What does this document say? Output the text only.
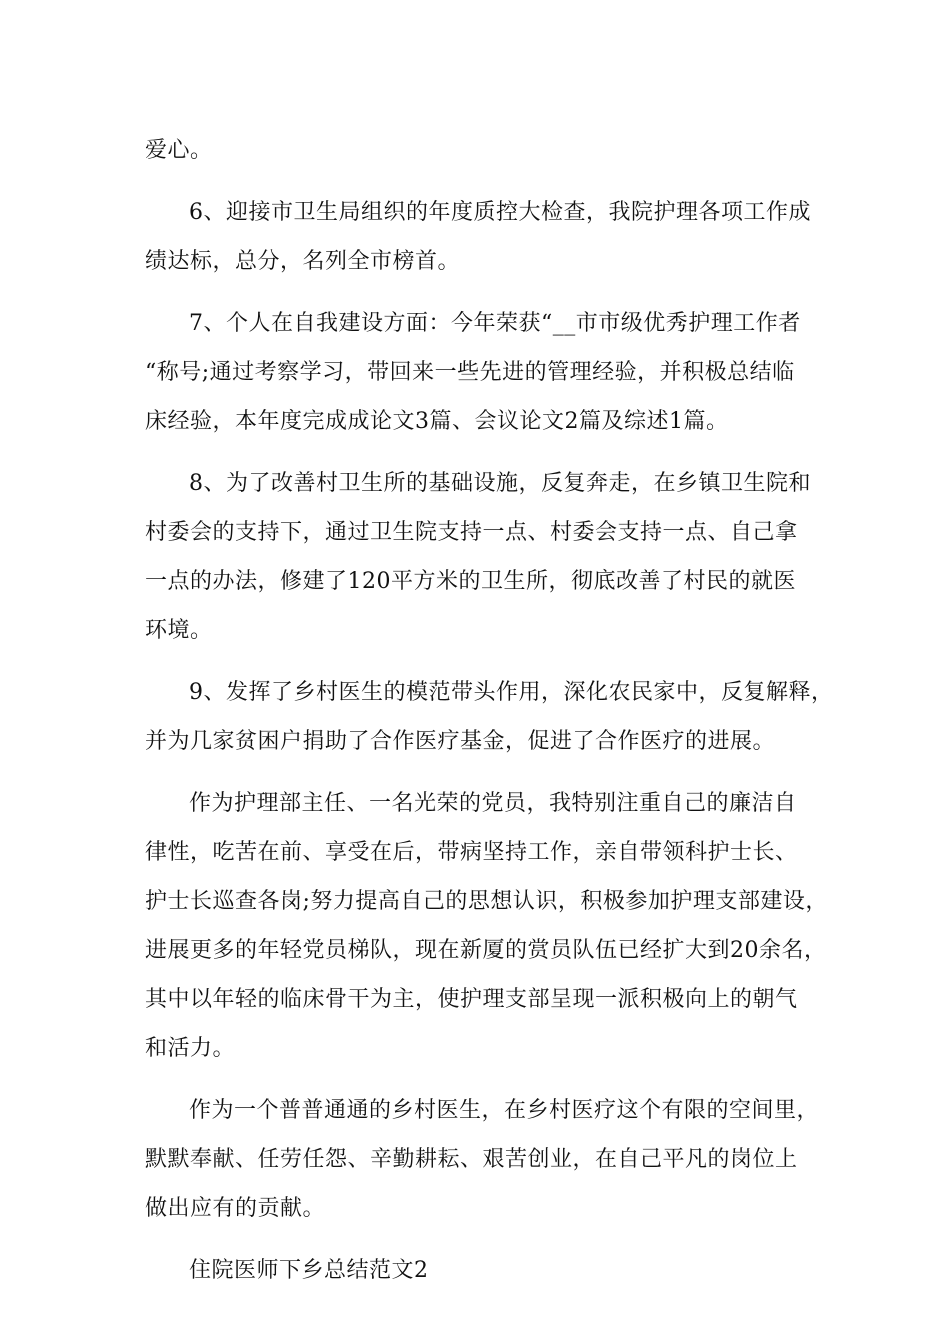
爱心。
6、迎接市卫生局组织的年度质控大检查，我院护理各项工作成
绩达标，总分，名列全市榜首。
7、个人在自我建设方面：今年荣获“__市市级优秀护理工作者
“称号;通过考察学习，带回来一些先进的管理经验，并积极总结临
床经验，本年度完成成论文3篇、会议论文2篇及综述1篇。
8、为了改善村卫生所的基础设施，反复奔走，在乡镇卫生院和
村委会的支持下，通过卫生院支持一点、村委会支持一点、自己拿
一点的办法，修建了120平方米的卫生所，彻底改善了村民的就医
环境。
9、发挥了乡村医生的模范带头作用，深化农民家中，反复解释，
并为几家贫困户捐助了合作医疗基金，促进了合作医疗的进展。
作为护理部主任、一名光荣的党员，我特别注重自己的廉洁自
律性，吃苦在前、享受在后，带病坚持工作，亲自带领科护士长、
护士长巡查各岗;努力提高自己的思想认识，积极参加护理支部建设，
进展更多的年轻党员梯队，现在新厦的赏员队伍已经扩大到20余名，
其中以年轻的临床骨干为主，使护理支部呈现一派积极向上的朝气
和活力。
作为一个普普通通的乡村医生，在乡村医疗这个有限的空间里，
默默奉献、任劳任怨、辛勤耕耘、艰苦创业，在自己平凡的岗位上
做出应有的贡献。
住院医师下乡总结范文2
